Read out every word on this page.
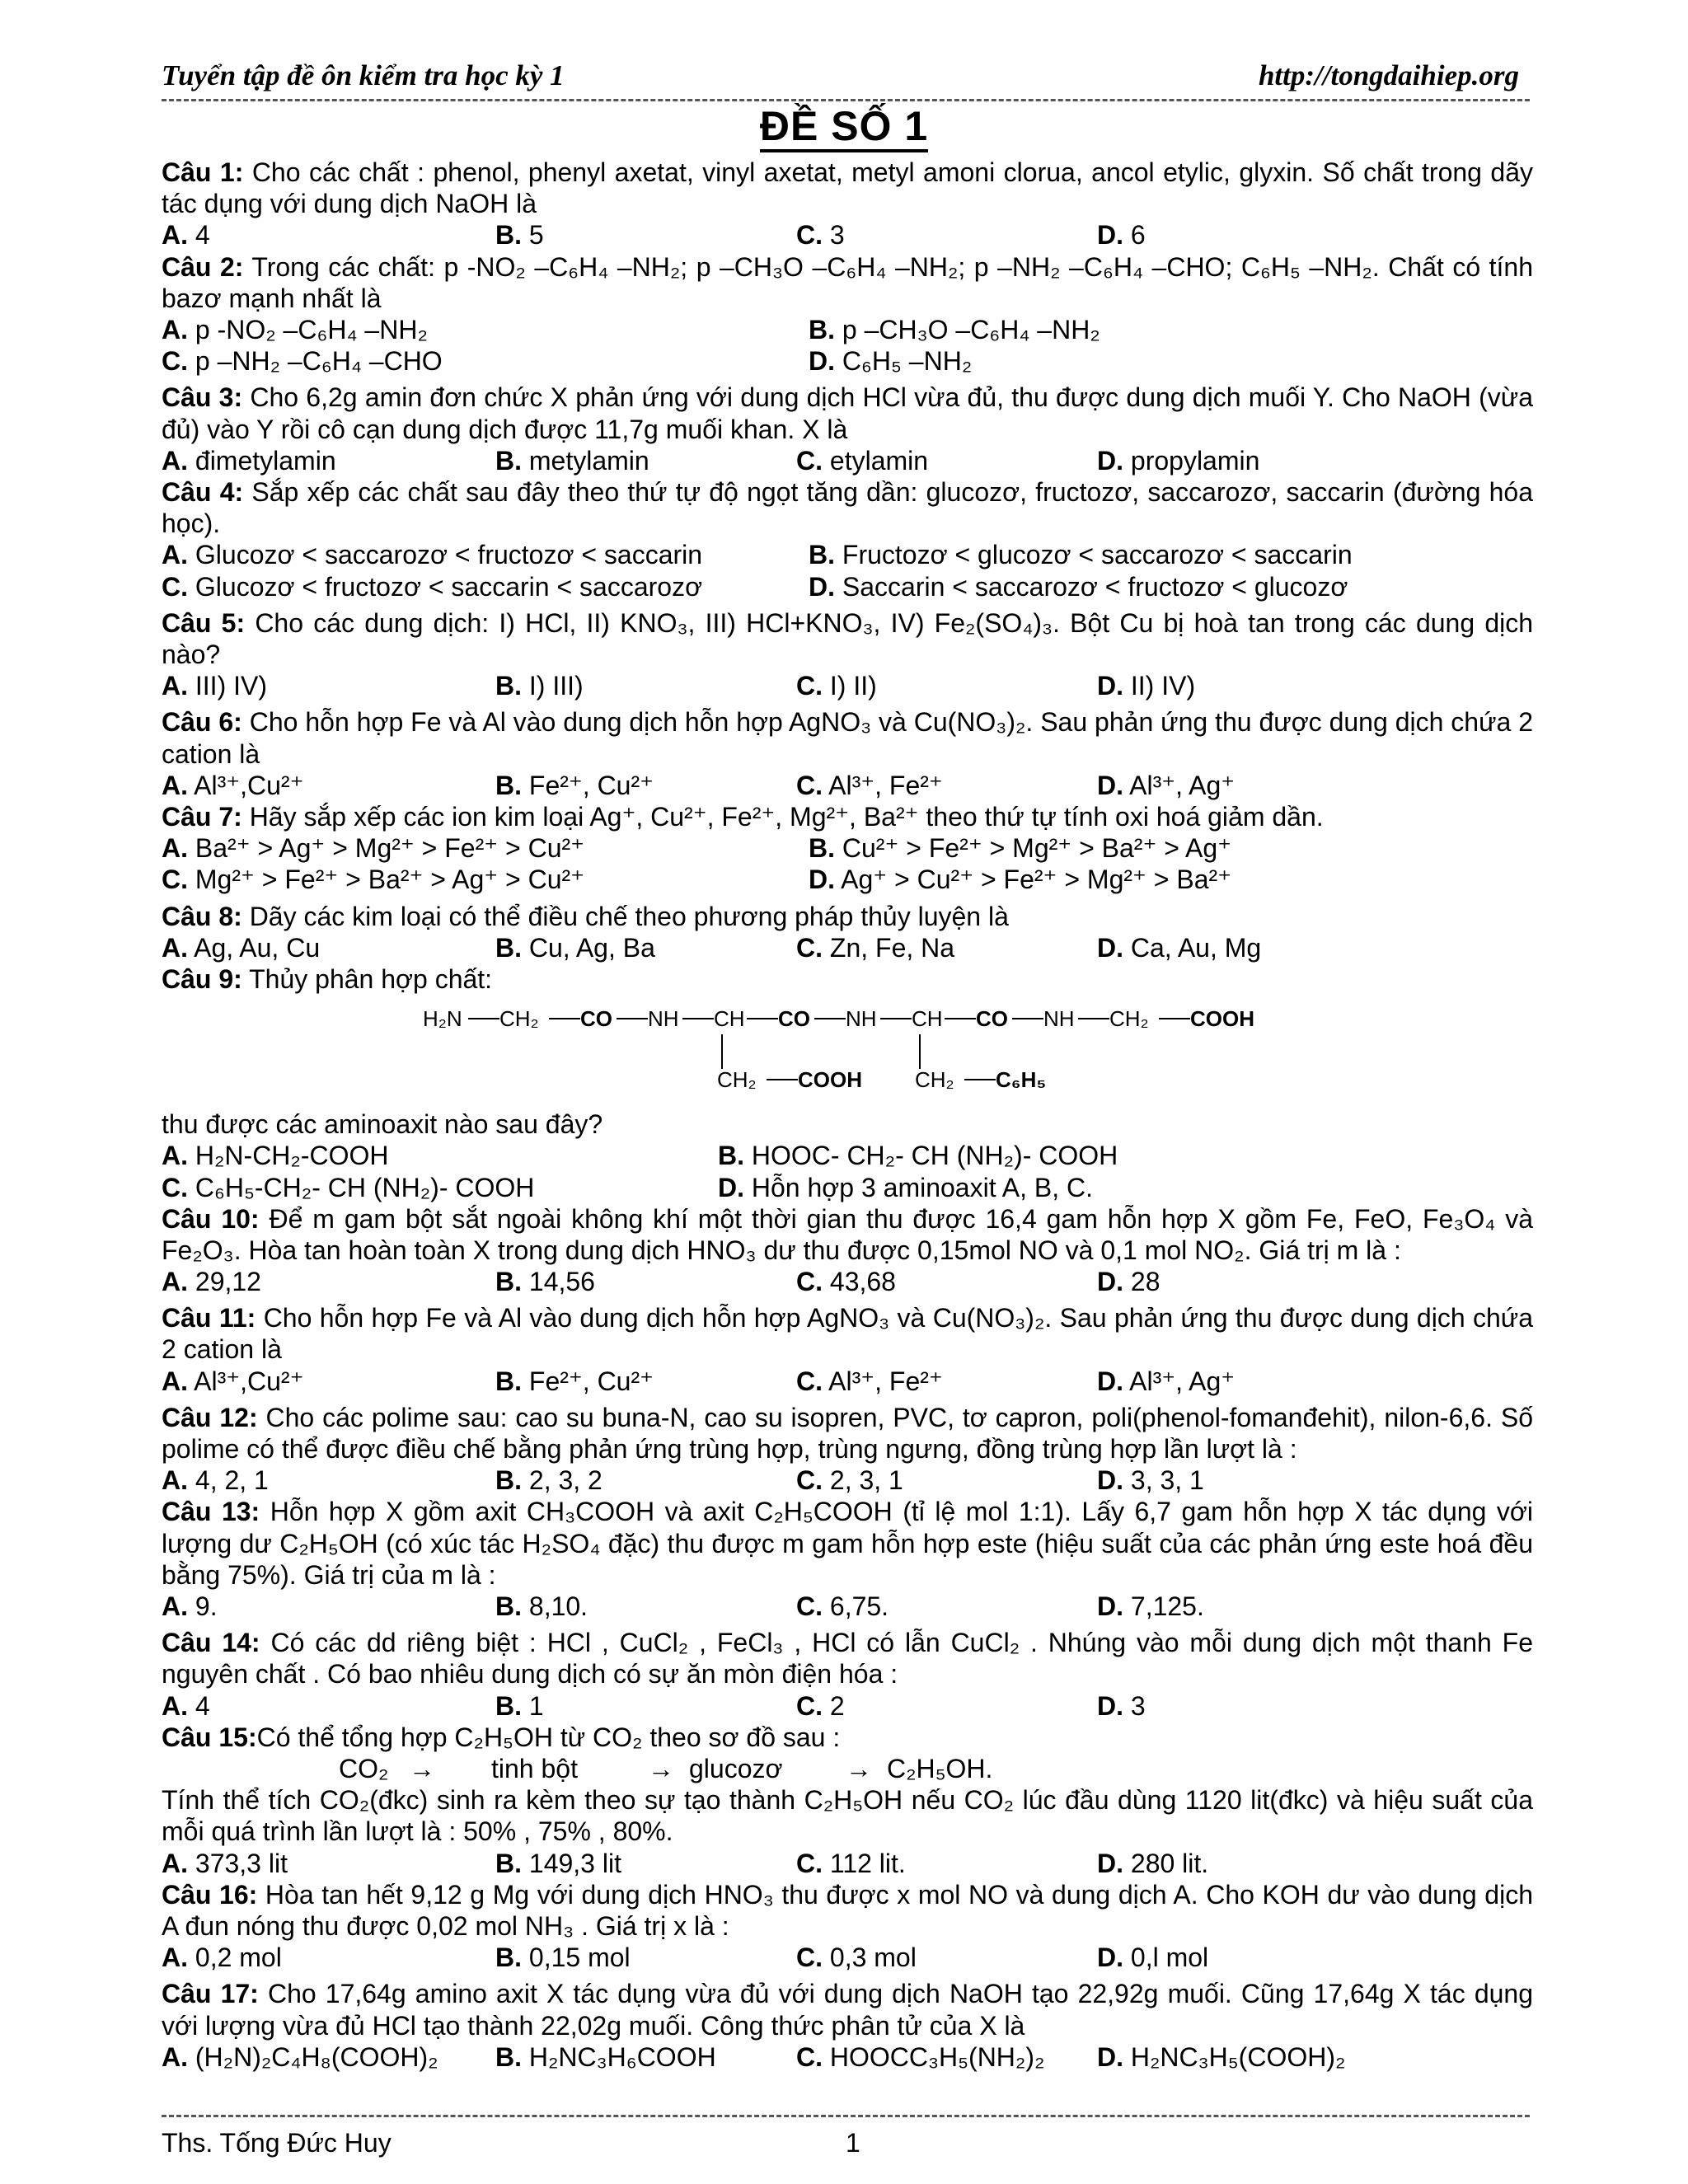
Tuyển tập đề ôn kiểm tra học kỳ 1	http://tongdaihiep.org
ĐỀ SỐ 1

Câu 1: Cho các chất : phenol, phenyl axetat, vinyl axetat, metyl amoni clorua, ancol etylic, glyxin. Số chất trong dãy tác dụng với dung dịch NaOH là

A. 4	B. 5	C. 3	D. 6

Câu 2: Trong các chất: p -NO₂ –C₆H₄ –NH₂; p –CH₃O –C₆H₄ –NH₂; p –NH₂ –C₆H₄ –CHO; C₆H₅ –NH₂. Chất có tính bazơ mạnh nhất là

A. p -NO₂ –C₆H₄ –NH₂	B. p –CH₃O –C₆H₄ –NH₂
C. p –NH₂ –C₆H₄ –CHO	D. C₆H₅ –NH₂

Câu 3: Cho 6,2g amin đơn chức X phản ứng với dung dịch HCl vừa đủ, thu được dung dịch muối Y. Cho NaOH (vừa đủ) vào Y rồi cô cạn dung dịch được 11,7g muối khan. X là

A. đimetylamin	B. metylamin	C. etylamin	D. propylamin

Câu 4: Sắp xếp các chất sau đây theo thứ tự độ ngọt tăng dần: glucozơ, fructozơ, saccarozơ, saccarin (đường hóa học).

A. Glucozơ < saccarozơ < fructozơ < saccarin	B. Fructozơ < glucozơ < saccarozơ < saccarin
C. Glucozơ < fructozơ < saccarin < saccarozơ	D. Saccarin < saccarozơ < fructozơ < glucozơ

Câu 5: Cho các dung dịch: I) HCl, II) KNO₃, III) HCl+KNO₃, IV) Fe₂(SO₄)₃. Bột Cu bị hoà tan trong các dung dịch nào?

A. III) IV)	B. I) III)	C. I) II)	D. II) IV)

Câu 6: Cho hỗn hợp Fe và Al vào dung dịch hỗn hợp AgNO₃ và Cu(NO₃)₂. Sau phản ứng thu được dung dịch chứa 2 cation là

A. Al³⁺,Cu²⁺	B. Fe²⁺, Cu²⁺	C. Al³⁺, Fe²⁺	D. Al³⁺, Ag⁺

Câu 7: Hãy sắp xếp các ion kim loại Ag⁺, Cu²⁺, Fe²⁺, Mg²⁺, Ba²⁺ theo thứ tự tính oxi hoá giảm dần.

A. Ba²⁺ > Ag⁺ > Mg²⁺ > Fe²⁺ > Cu²⁺	B. Cu²⁺ > Fe²⁺ > Mg²⁺ > Ba²⁺ > Ag⁺
C. Mg²⁺ > Fe²⁺ > Ba²⁺ > Ag⁺ > Cu²⁺	D. Ag⁺ > Cu²⁺ > Fe²⁺ > Mg²⁺ > Ba²⁺

Câu 8: Dãy các kim loại có thể điều chế theo phương pháp thủy luyện là

A. Ag, Au, Cu	B. Cu, Ag, Ba	C. Zn, Fe, Na	D. Ca, Au, Mg

Câu 9: Thủy phân hợp chất:

H₂N CH₂ CO NH CH CO NH CH CO NH CH₂ COOH
CH₂ COOH CH₂ C₆H₅

thu được các aminoaxit nào sau đây?

A. H₂N-CH₂-COOH	B. HOOC- CH₂- CH (NH₂)- COOH
C. C₆H₅-CH₂- CH (NH₂)- COOH	D. Hỗn hợp 3 aminoaxit A, B, C.

Câu 10: Để m gam bột sắt ngoài không khí một thời gian thu được 16,4 gam hỗn hợp X gồm Fe, FeO, Fe₃O₄ và Fe₂O₃. Hòa tan hoàn toàn X trong dung dịch HNO₃ dư thu được 0,15mol NO và 0,1 mol NO₂. Giá trị m là :

A. 29,12	B. 14,56	C. 43,68	D. 28

Câu 11: Cho hỗn hợp Fe và Al vào dung dịch hỗn hợp AgNO₃ và Cu(NO₃)₂. Sau phản ứng thu được dung dịch chứa 2 cation là

A. Al³⁺,Cu²⁺	B. Fe²⁺, Cu²⁺	C. Al³⁺, Fe²⁺	D. Al³⁺, Ag⁺

Câu 12: Cho các polime sau: cao su buna-N, cao su isopren, PVC, tơ capron, poli(phenol-fomanđehit), nilon-6,6. Số polime có thể được điều chế bằng phản ứng trùng hợp, trùng ngưng, đồng trùng hợp lần lượt là :

A. 4, 2, 1	B. 2, 3, 2	C. 2, 3, 1	D. 3, 3, 1

Câu 13: Hỗn hợp X gồm axit CH₃COOH và axit C₂H₅COOH (tỉ lệ mol 1:1). Lấy 6,7 gam hỗn hợp X tác dụng với lượng dư C₂H₅OH (có xúc tác H₂SO₄ đặc) thu được m gam hỗn hợp este (hiệu suất của các phản ứng este hoá đều bằng 75%). Giá trị của m là :

A. 9.	B. 8,10.	C. 6,75.	D. 7,125.

Câu 14: Có các dd riêng biệt : HCl , CuCl₂ , FeCl₃ , HCl có lẫn CuCl₂ . Nhúng vào mỗi dung dịch một thanh Fe nguyên chất . Có bao nhiêu dung dịch có sự ăn mòn điện hóa :

A. 4	B. 1	C. 2	D. 3

Câu 15:Có thể tổng hợp C₂H₅OH từ CO₂ theo sơ đồ sau :

CO₂ → tinh bột	→ glucozơ → C₂H₅OH.

Tính thể tích CO₂(đkc) sinh ra kèm theo sự tạo thành C₂H₅OH nếu CO₂ lúc đầu dùng 1120 lit(đkc) và hiệu suất của mỗi quá trình lần lượt là : 50% , 75% , 80%.

A. 373,3 lit	B. 149,3 lit	C. 112 lit.	D. 280 lit.

Câu 16: Hòa tan hết 9,12 g Mg với dung dịch HNO₃ thu được x mol NO và dung dịch A. Cho KOH dư vào dung dịch A đun nóng thu được 0,02 mol NH₃ . Giá trị x là :

A. 0,2 mol	B. 0,15 mol	C. 0,3 mol	D. 0,l mol

Câu 17: Cho 17,64g amino axit X tác dụng vừa đủ với dung dịch NaOH tạo 22,92g muối. Cũng 17,64g X tác dụng với lượng vừa đủ HCl tạo thành 22,02g muối. Công thức phân tử của X là

A. (H₂N)₂C₄H₈(COOH)₂ B. H₂NC₃H₆COOH	C. HOOCC₃H₅(NH₂)₂ D. H₂NC₃H₅(COOH)₂
Ths. Tống Đức Huy	1
